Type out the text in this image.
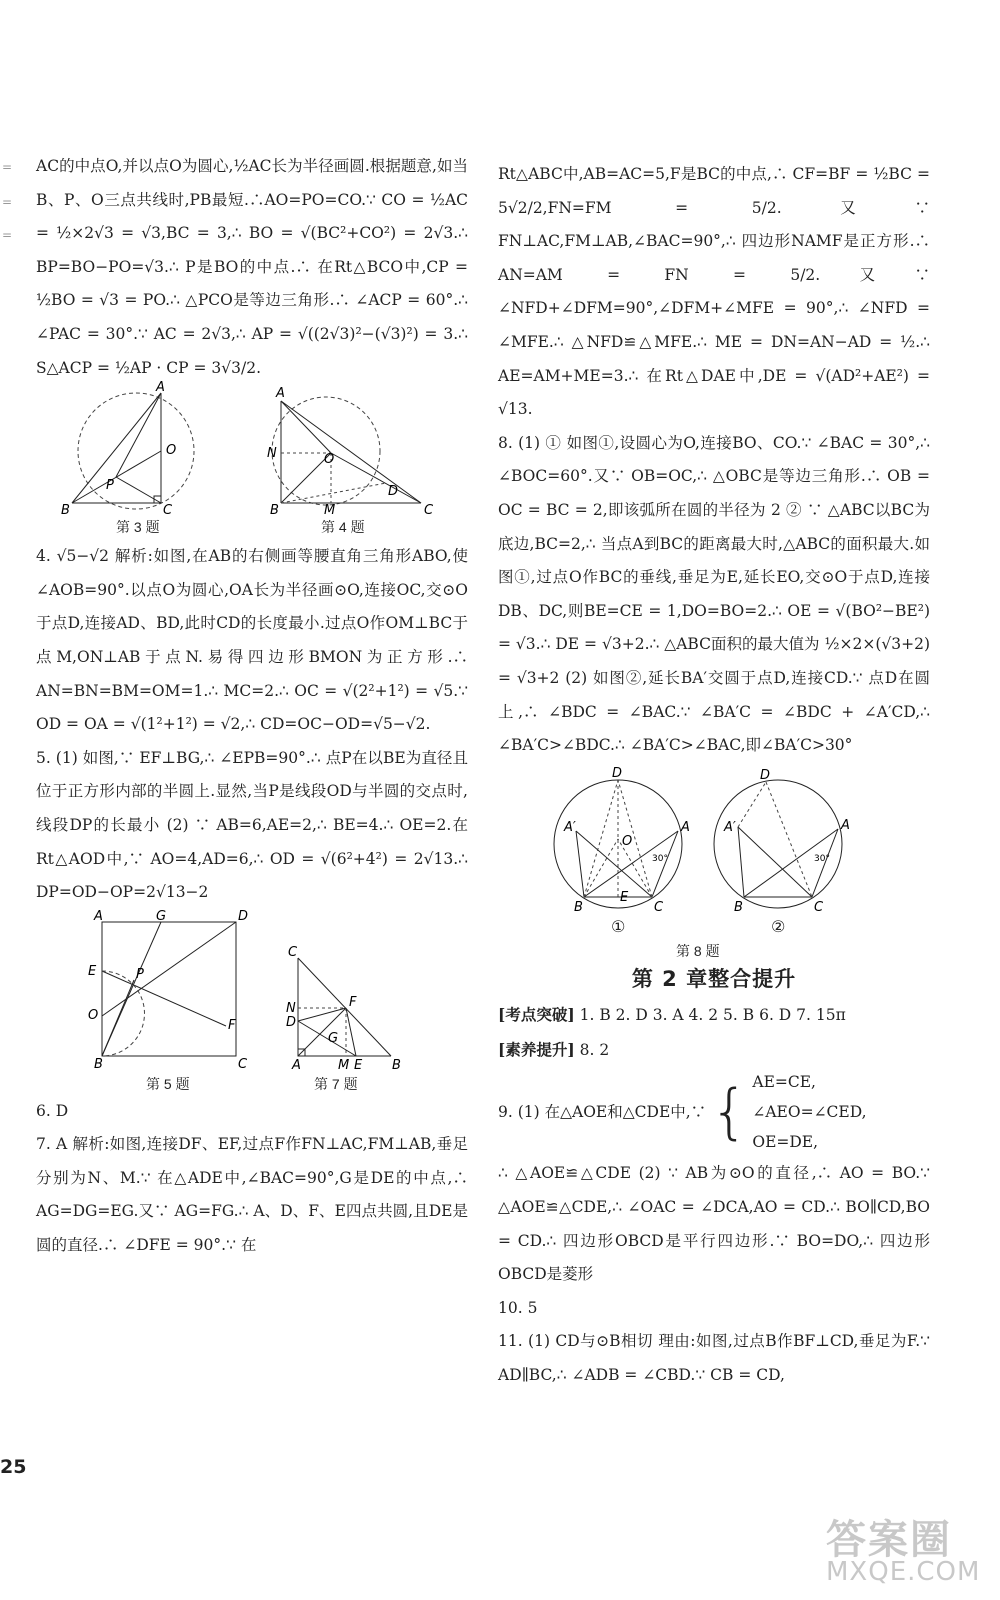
=
=
=

AC的中点O,并以点O为圆心,½AC长为半径画圆.根据题意,如当B、P、O三点共线时,PB最短.∴AO=PO=CO.∵ CO = ½AC = ½×2√3 = √3,BC = 3,∴ BO = √(BC²+CO²) = 2√3.∴ BP=BO−PO=√3.∴ P是BO的中点.∴ 在Rt△BCO中,CP = ½BO = √3 = PO.∴ △PCO是等边三角形.∴ ∠ACP = 60°.∴ ∠PAC = 30°.∵ AC = 2√3,∴ AP = √((2√3)²−(√3)²) = 3.∴ S△ACP = ½AP · CP = 3√3/2.

A
O
P
B	C
A
N	O
D
B	M	C
第 3 题	第 4 题

4. √5−√2 解析:如图,在AB的右侧画等腰直角三角形ABO,使∠AOB=90°.以点O为圆心,OA长为半径画⊙O,连接OC,交⊙O于点D,连接AD、BD,此时CD的长度最小.过点O作OM⊥BC于点M,ON⊥AB于点N.易得四边形BMON为正方形.∴ AN=BN=BM=OM=1.∴ MC=2.∴ OC = √(2²+1²) = √5.∵ OD = OA = √(1²+1²) = √2,∴ CD=OC−OD=√5−√2.

5. (1) 如图,∵ EF⊥BG,∴ ∠EPB=90°.∴ 点P在以BE为直径且位于正方形内部的半圆上.显然,当P是线段OD与半圆的交点时,线段DP的长最小 (2) ∵ AB=6,AE=2,∴ BE=4.∴ OE=2.在Rt△AOD中,∵ AO=4,AD=6,∴ OD = √(6²+4²) = 2√13.∴ DP=OD−OP=2√13−2

A	G	D
E	P
O
F
B	C
C
N	F
D
G
A	M E B
第 5 题	第 7 题

6. D

7. A 解析:如图,连接DF、EF,过点F作FN⊥AC,FM⊥AB,垂足分别为N、M.∵ 在△ADE中,∠BAC=90°,G是DE的中点,∴ AG=DG=EG.又∵ AG=FG.∴ A、D、F、E四点共圆,且DE是圆的直径.∴ ∠DFE = 90°.∵ 在

Rt△ABC中,AB=AC=5,F是BC的中点,∴ CF=BF = ½BC = 5√2/2,FN=FM = 5/2.又∵ FN⊥AC,FM⊥AB,∠BAC=90°,∴ 四边形NAMF是正方形.∴ AN=AM = FN = 5/2.又∵ ∠NFD+∠DFM=90°,∠DFM+∠MFE = 90°,∴ ∠NFD = ∠MFE.∴ △NFD≌△MFE.∴ ME = DN=AN−AD = ½.∴ AE=AM+ME=3.∴ 在Rt△DAE中,DE = √(AD²+AE²) = √13.

8. (1) ① 如图①,设圆心为O,连接BO、CO.∵ ∠BAC = 30°,∴ ∠BOC=60°.又∵ OB=OC,∴ △OBC是等边三角形.∴ OB = OC = BC = 2,即该弧所在圆的半径为 2 ② ∵ △ABC以BC为底边,BC=2,∴ 当点A到BC的距离最大时,△ABC的面积最大.如图①,过点O作BC的垂线,垂足为E,延长EO,交⊙O于点D,连接DB、DC,则BE=CE = 1,DO=BO=2.∴ OE = √(BO²−BE²) = √3.∴ DE = √3+2.∴ △ABC面积的最大值为 ½×2×(√3+2) = √3+2 (2) 如图②,延长BA′交圆于点D,连接CD.∵ 点D在圆上,∴ ∠BDC = ∠BAC.∵ ∠BA′C = ∠BDC + ∠A′CD,∴ ∠BA′C>∠BDC.∴ ∠BA′C>∠BAC,即∠BA′C>30°

D
A′
O
A
30°
B
E
C
D
A′	A
30°
B	C
①	②
第 8 题
第 2 章整合提升

[考点突破] 1. B 2. D 3. A 4. 2 5. B 6. D 7. 15π

[素养提升] 8. 2

9. (1) 在△AOE和△CDE中,∵ { AE=CE,
∠AEO=∠CED,
OE=DE,

∴ △AOE≌△CDE (2) ∵ AB为⊙O的直径,∴ AO = BO.∵ △AOE≌△CDE,∴ ∠OAC = ∠DCA,AO = CD.∴ BO∥CD,BO = CD.∴ 四边形OBCD是平行四边形.∵ BO=DO,∴ 四边形OBCD是菱形

10. 5

11. (1) CD与⊙B相切 理由:如图,过点B作BF⊥CD,垂足为F.∵ AD∥BC,∴ ∠ADB = ∠CBD.∵ CB = CD,

25
答案圈
MXQE.COM
